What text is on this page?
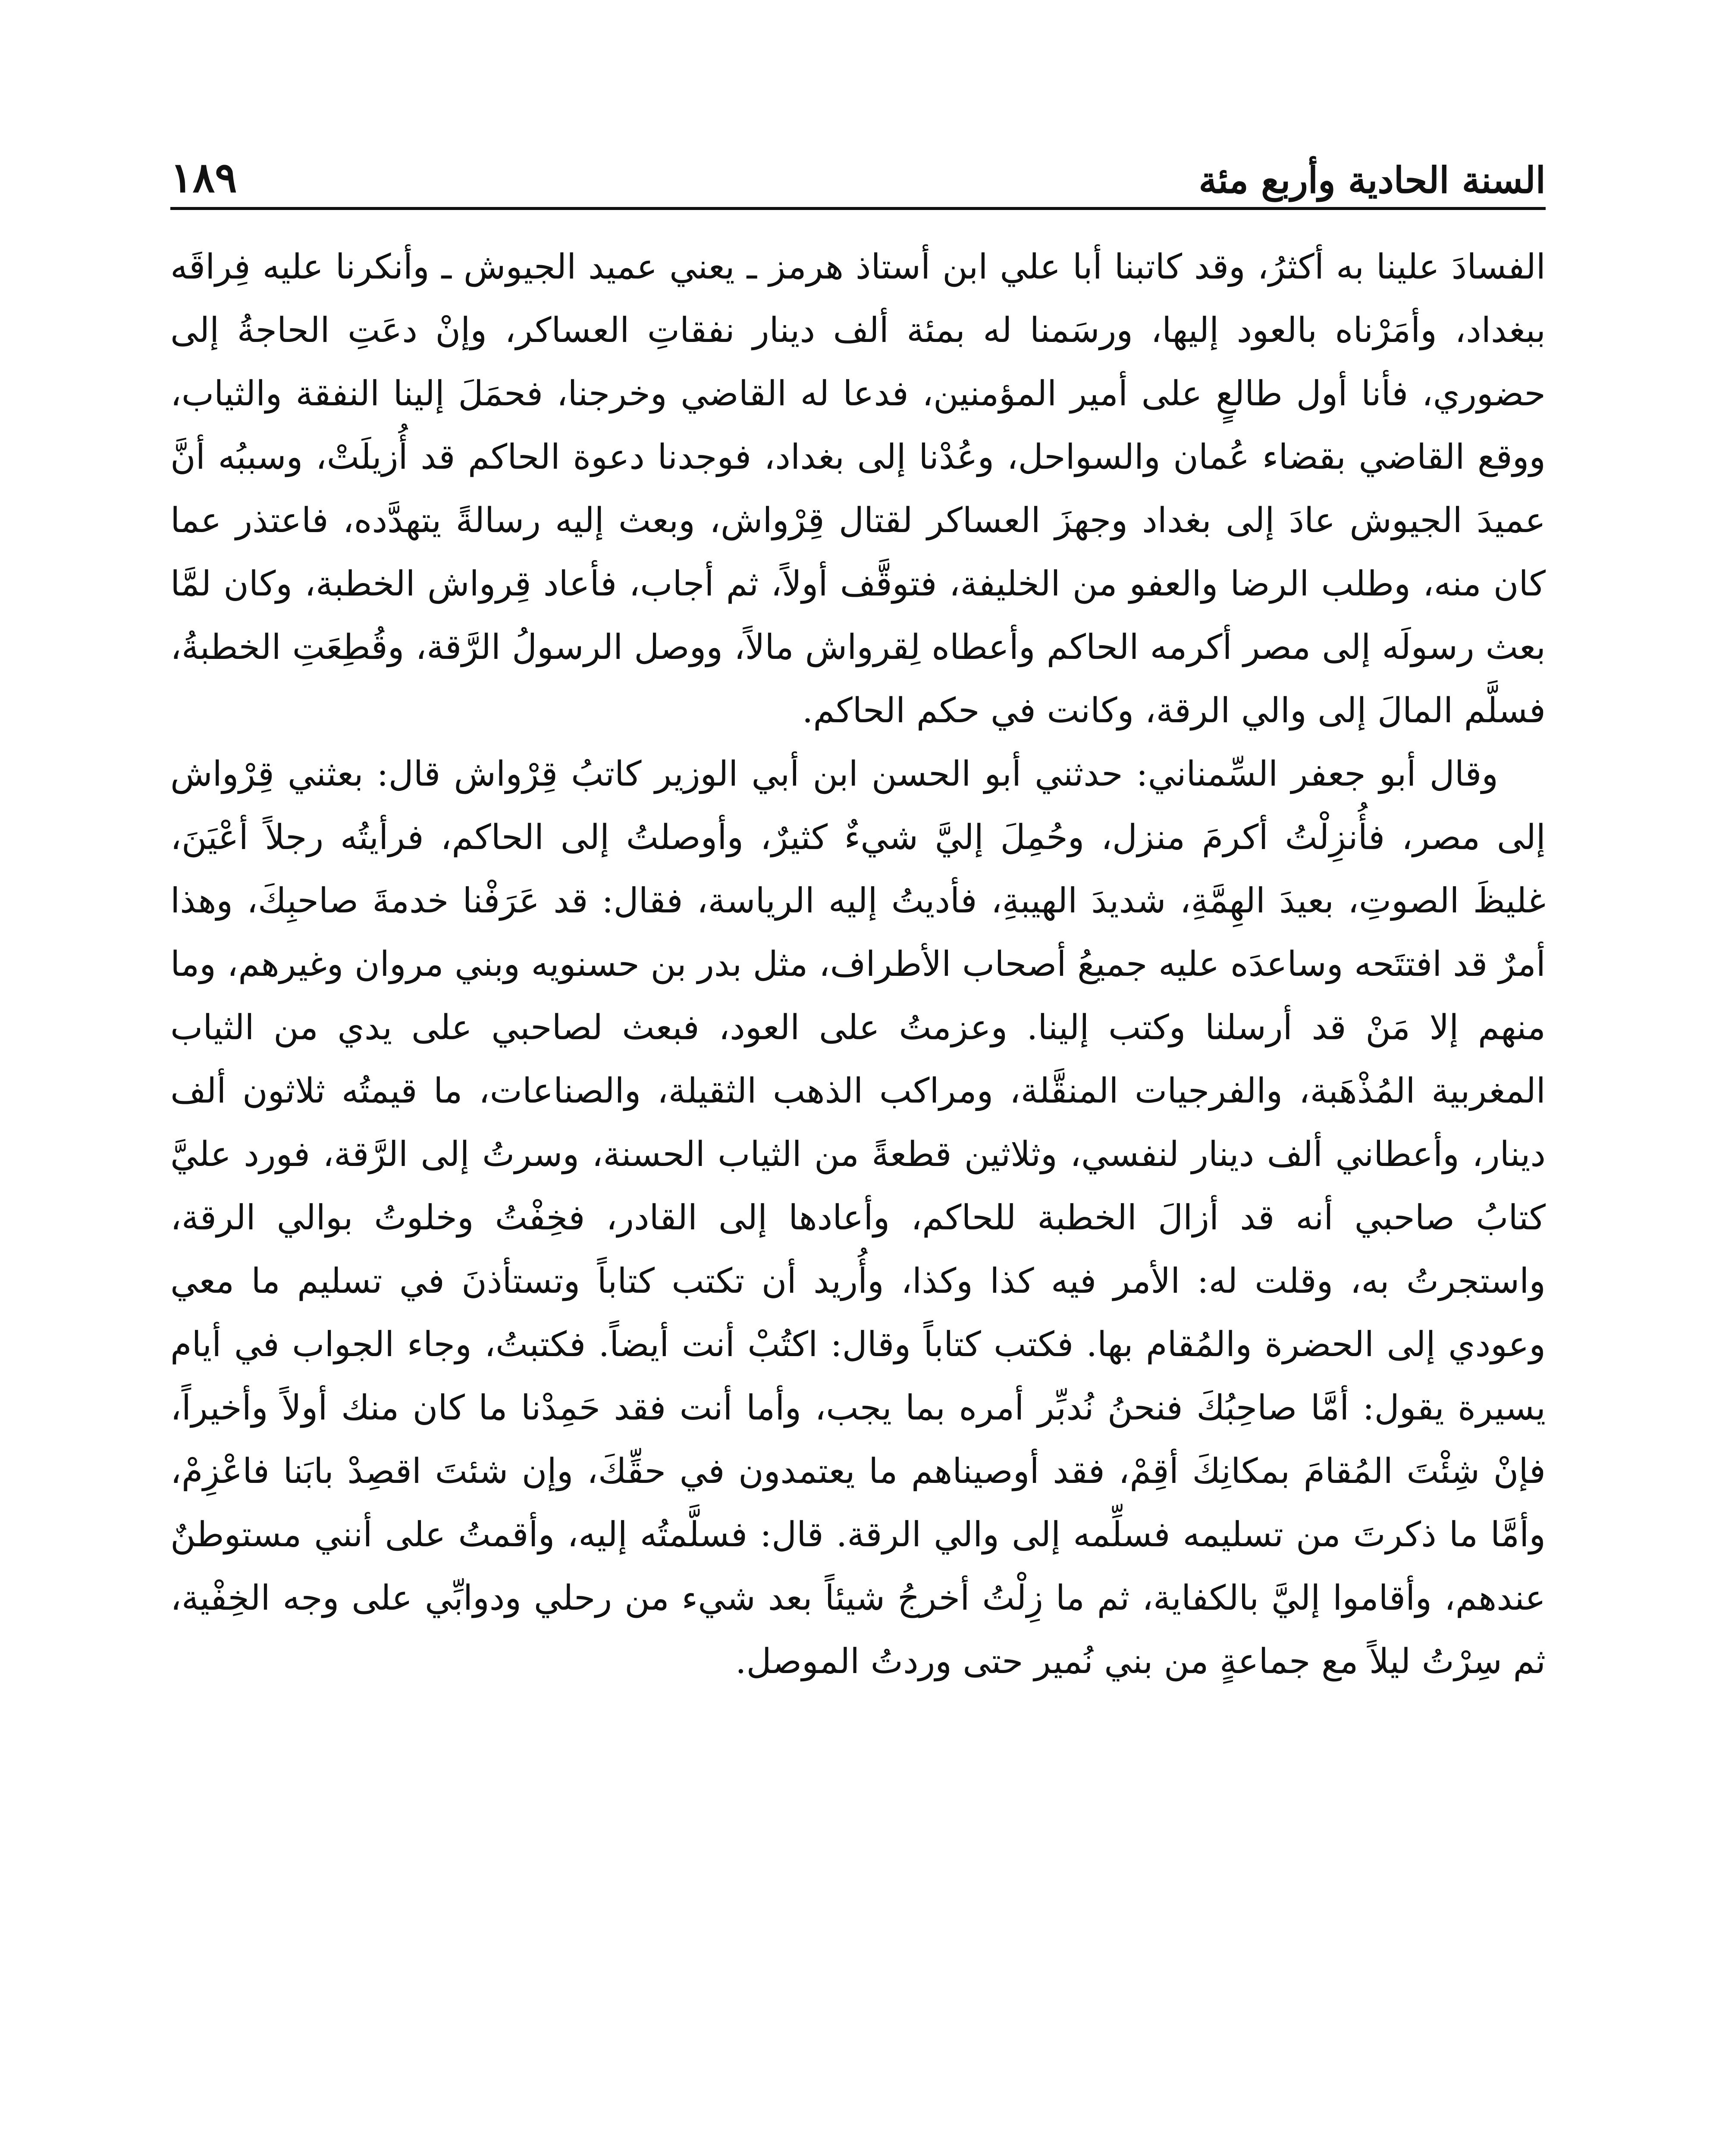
السنة الحادية وأربع مئة
١٨٩

الفسادَ علينا به أكثرُ، وقد كاتبنا أبا علي ابن أستاذ هرمز ـ يعني عميد الجيوش ـ وأنكرنا عليه فِراقَه ببغداد، وأمَرْناه بالعود إليها، ورسَمنا له بمئة ألف دينار نفقاتِ العساكر، وإنْ دعَتِ الحاجةُ إلى حضوري، فأنا أول طالعٍ على أمير المؤمنين، فدعا له القاضي وخرجنا، فحمَلَ إلينا النفقة والثياب، ووقع القاضي بقضاء عُمان والسواحل، وعُدْنا إلى بغداد، فوجدنا دعوة الحاكم قد أُزيلَتْ، وسببُه أنَّ عميدَ الجيوش عادَ إلى بغداد وجهزَ العساكر لقتال قِرْواش، وبعث إليه رسالةً يتهدَّده، فاعتذر عما كان منه، وطلب الرضا والعفو من الخليفة، فتوقَّف أولاً، ثم أجاب، فأعاد قِرواش الخطبة، وكان لمَّا بعث رسولَه إلى مصر أكرمه الحاكم وأعطاه لِقرواش مالاً، ووصل الرسولُ الرَّقة، وقُطِعَتِ الخطبةُ، فسلَّم المالَ إلى والي الرقة، وكانت في حكم الحاكم.

وقال أبو جعفر السِّمناني: حدثني أبو الحسن ابن أبي الوزير كاتبُ قِرْواش قال: بعثني قِرْواش إلى مصر، فأُنزِلْتُ أكرمَ منزل، وحُمِلَ إليَّ شيءٌ كثيرٌ، وأوصلتُ إلى الحاكم، فرأيتُه رجلاً أعْيَنَ، غليظَ الصوتِ، بعيدَ الهِمَّةِ، شديدَ الهيبةِ، فأديتُ إليه الرياسة، فقال: قد عَرَفْنا خدمةَ صاحبِكَ، وهذا أمرٌ قد افتتَحه وساعدَه عليه جميعُ أصحاب الأطراف، مثل بدر بن حسنويه وبني مروان وغيرهم، وما منهم إلا مَنْ قد أرسلنا وكتب إلينا. وعزمتُ على العود، فبعث لصاحبي على يدي من الثياب المغربية المُذْهَبة، والفرجيات المنقَّلة، ومراكب الذهب الثقيلة، والصناعات، ما قيمتُه ثلاثون ألف دينار، وأعطاني ألف دينار لنفسي، وثلاثين قطعةً من الثياب الحسنة، وسرتُ إلى الرَّقة، فورد عليَّ كتابُ صاحبي أنه قد أزالَ الخطبة للحاكم، وأعادها إلى القادر، فخِفْتُ وخلوتُ بوالي الرقة، واستجرتُ به، وقلت له: الأمر فيه كذا وكذا، وأُريد أن تكتب كتاباً وتستأذنَ في تسليم ما معي وعودي إلى الحضرة والمُقام بها. فكتب كتاباً وقال: اكتُبْ أنت أيضاً. فكتبتُ، وجاء الجواب في أيام يسيرة يقول: أمَّا صاحِبُكَ فنحنُ نُدبِّر أمره بما يجب، وأما أنت فقد حَمِدْنا ما كان منك أولاً وأخيراً، فإنْ شِئْتَ المُقامَ بمكانِكَ أقِمْ، فقد أوصيناهم ما يعتمدون في حقِّكَ، وإن شئتَ اقصِدْ بابَنا فاعْزِمْ، وأمَّا ما ذكرتَ من تسليمه فسلِّمه إلى والي الرقة. قال: فسلَّمتُه إليه، وأقمتُ على أنني مستوطنٌ عندهم، وأقاموا إليَّ بالكفاية، ثم ما زِلْتُ أخرجُ شيئاً بعد شيء من رحلي ودوابِّي على وجه الخِفْية، ثم سِرْتُ ليلاً مع جماعةٍ من بني نُمير حتى وردتُ الموصل.
